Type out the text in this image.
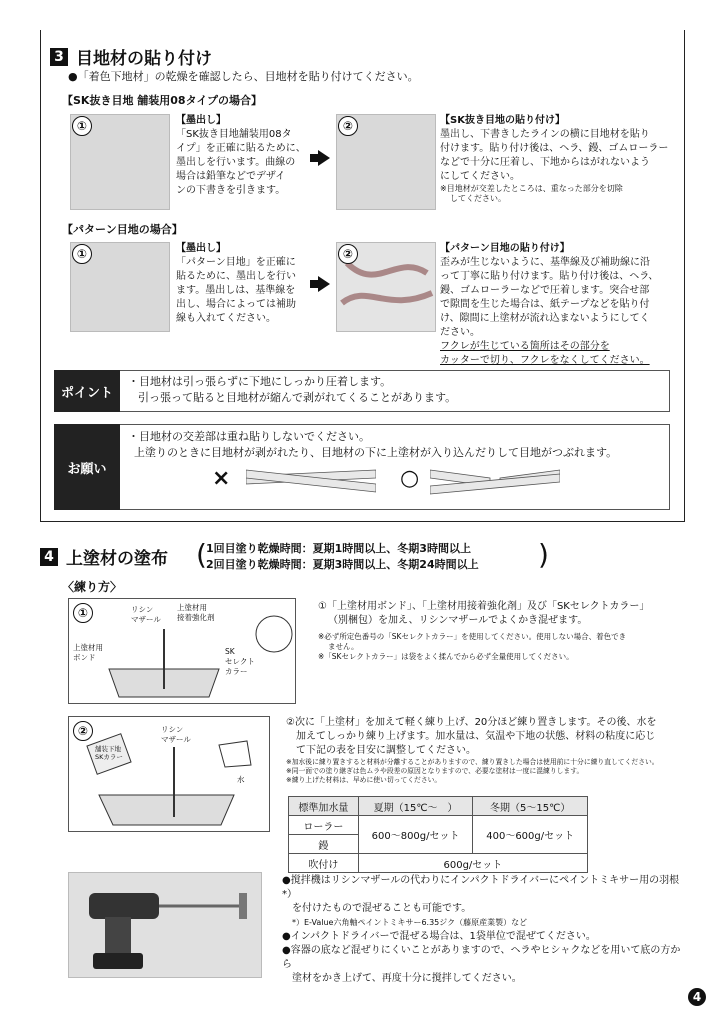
3 目地材の貼り付け
●「着色下地材」の乾燥を確認したら、目地材を貼り付けてください。
【SK抜き目地 舗装用08タイプの場合】
①	【墨出し】
「SK抜き目地舗装用08タ
イプ」を正確に貼るために、
墨出しを行います。曲線の
場合は鉛筆などでデザイ
ンの下書きを引きます。
②	【SK抜き目地の貼り付け】
墨出し、下書きしたラインの横に目地材を貼り
付けます。貼り付け後は、ヘラ、鏝、ゴムローラー
などで十分に圧着し、下地からはがれないよう
にしてください。
※目地材が交差したところは、重なった部分を切除
してください。
【パターン目地の場合】
①	【墨出し】
「パターン目地」を正確に
貼るために、墨出しを行い
ます。墨出しは、基準線を
出し、場合によっては補助
線も入れてください。
②	【パターン目地の貼り付け】
歪みが生じないように、基準線及び補助線に沿
って丁寧に貼り付けます。貼り付け後は、ヘラ、
鏝、ゴムローラーなどで圧着します。突合せ部
で隙間を生じた場合は、紙テープなどを貼り付
け、隙間に上塗材が流れ込まないようにしてく
ださい。
フクレが生じている箇所はその部分を
カッターで切り、フクレをなくしてください。
ポイント
・目地材は引っ張らずに下地にしっかり圧着します。
引っ張って貼ると目地材が縮んで剥がれてくることがあります。
お願い
・目地材の交差部は重ね貼りしないでください。
上塗りのときに目地材が剥がれたり、目地材の下に上塗材が入り込んだりして目地がつぶれます。
×	○
4 上塗材の塗布 ( 1回目塗り乾燥時間：夏期1時間以上、冬期3時間以上
2回目塗り乾燥時間：夏期3時間以上、冬期24時間以上 )
〈練り方〉
①	リシン
マザール
上塗材用
接着強化剤
上塗材用
ボンド
SK
セレクト
カラー
①「上塗材用ボンド」、「上塗材用接着強化剤」及び「SKセレクトカラー」
（別梱包）を加え、リシンマザールでよくかき混ぜます。
※必ず所定色番号の「SKセレクトカラー」を使用してください。使用しない場合、着色でき
ません。
※「SKセレクトカラー」は袋をよく揉んでから必ず全量使用してください。
②	リシン
マザール
舗装下地
SKカラー
水
②次に「上塗材」を加えて軽く練り上げ、20分ほど練り置きします。その後、水を
加えてしっかり練り上げます。加水量は、気温や下地の状態、材料の粘度に応じ
て下記の表を目安に調整してください。
※加水後に練り置きすると材料が分離することがありますので、練り置きした場合は使用前に十分に練り直してください。
※同一面での塗り継ぎは色ムラや段差の原因となりますので、必要な塗材は一度に混練りします。
※練り上げた材料は、早めに使い切ってください。
標準加水量	夏期（15℃～　）	冬期（5～15℃）
ローラー	600～800g/セット	400～600g/セット
鏝		
吹付け	600g/セット	
●撹拌機はリシンマザールの代わりにインパクトドライバーにペイントミキサー用の羽根*）
を付けたもので混ぜることも可能です。
*）E-Value六角軸ペイントミキサー6.35ジク（藤原産業製）など
●インパクトドライバーで混ぜる場合は、1袋単位で混ぜてください。
●容器の底など混ぜりにくいことがありますので、ヘラやヒシャクなどを用いて底の方から
塗材をかき上げて、再度十分に撹拌してください。
4
